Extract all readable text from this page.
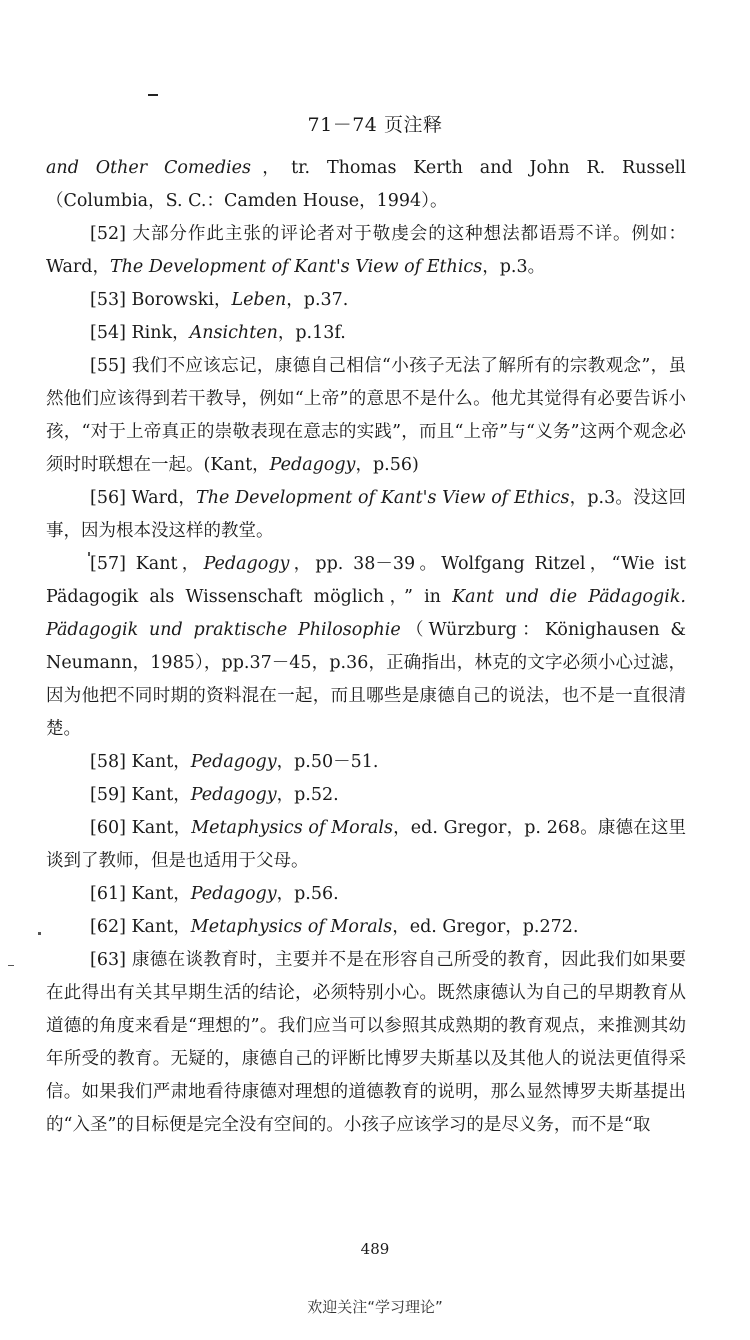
71－74 页注释

and Other Comedies，tr. Thomas Kerth and John R. Russell（Columbia，S. C.：Camden House，1994）。

[52] 大部分作此主张的评论者对于敬虔会的这种想法都语焉不详。例如：Ward，The Development of Kant's View of Ethics，p.3。

[53] Borowski，Leben，p.37.

[54] Rink，Ansichten，p.13f.

[55] 我们不应该忘记，康德自己相信“小孩子无法了解所有的宗教观念”，虽然他们应该得到若干教导，例如“上帝”的意思不是什么。他尤其觉得有必要告诉小孩，“对于上帝真正的崇敬表现在意志的实践”，而且“上帝”与“义务”这两个观念必须时时联想在一起。(Kant，Pedagogy，p.56)

[56] Ward，The Development of Kant's View of Ethics，p.3。没这回事，因为根本没这样的教堂。

[57] Kant，Pedagogy，pp. 38－39。Wolfgang Ritzel，“Wie ist Pädagogik als Wissenschaft möglich，” in Kant und die Pädagogik. Pädagogik und praktische Philosophie（Würzburg：Könighausen & Neumann，1985），pp.37－45，p.36，正确指出，林克的文字必须小心过滤，因为他把不同时期的资料混在一起，而且哪些是康德自己的说法，也不是一直很清楚。

[58] Kant，Pedagogy，p.50－51.

[59] Kant，Pedagogy，p.52.

[60] Kant，Metaphysics of Morals，ed. Gregor，p. 268。康德在这里谈到了教师，但是也适用于父母。

[61] Kant，Pedagogy，p.56.

[62] Kant，Metaphysics of Morals，ed. Gregor，p.272.

[63] 康德在谈教育时，主要并不是在形容自己所受的教育，因此我们如果要在此得出有关其早期生活的结论，必须特别小心。既然康德认为自己的早期教育从道德的角度来看是“理想的”。我们应当可以参照其成熟期的教育观点，来推测其幼年所受的教育。无疑的，康德自己的评断比博罗夫斯基以及其他人的说法更值得采信。如果我们严肃地看待康德对理想的道德教育的说明，那么显然博罗夫斯基提出的“入圣”的目标便是完全没有空间的。小孩子应该学习的是尽义务，而不是“取

489
欢迎关注“学习理论”
